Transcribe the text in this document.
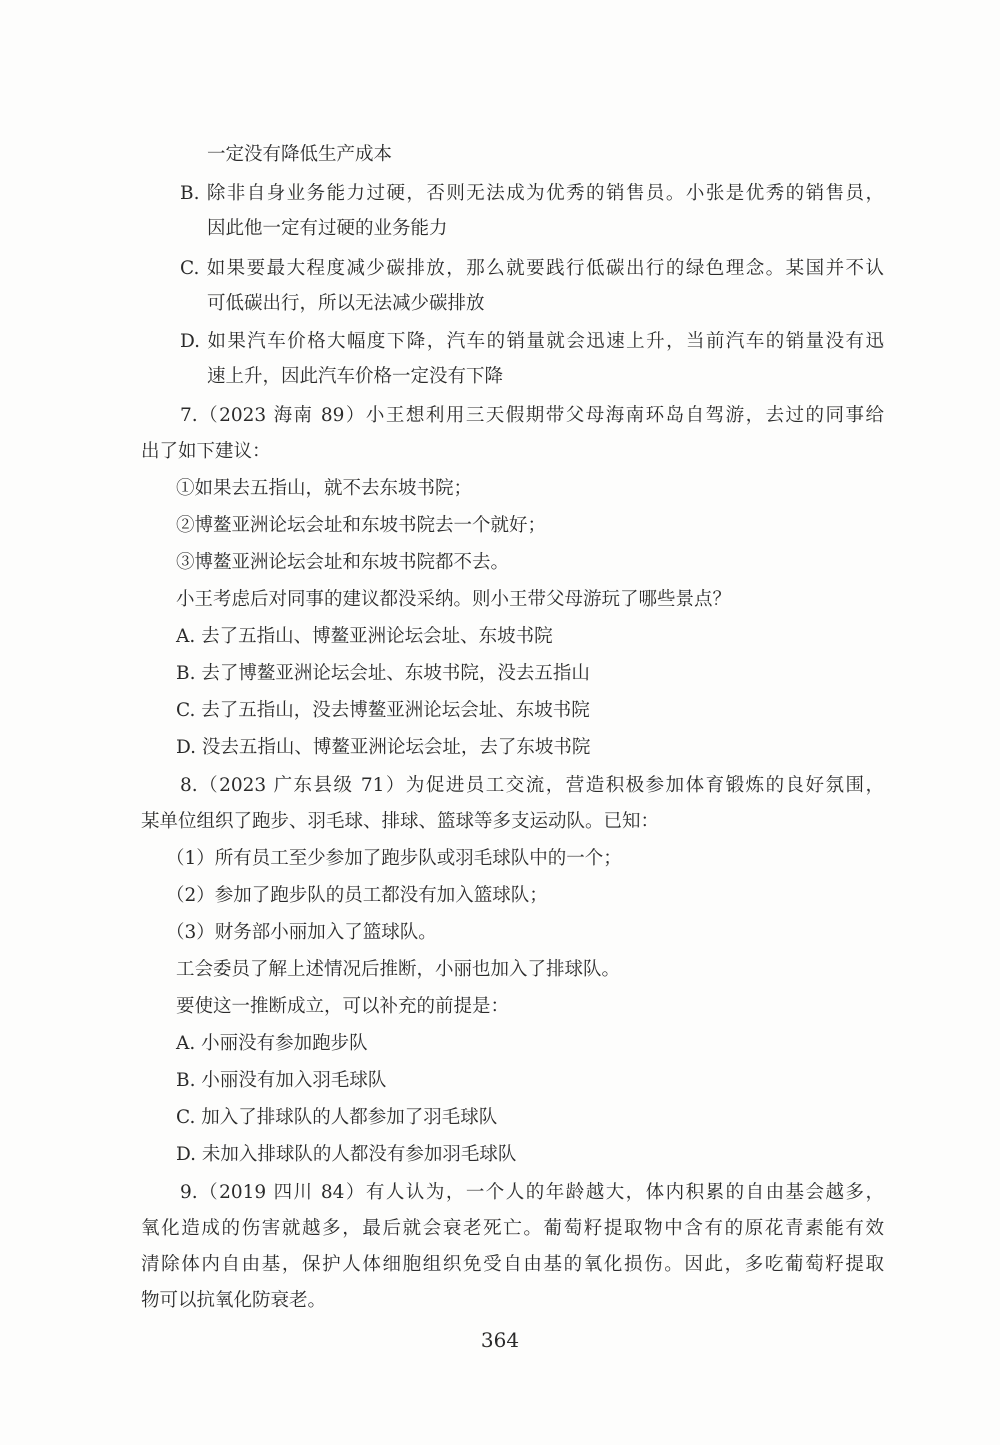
一定没有降低生产成本
B. 除非自身业务能力过硬，否则无法成为优秀的销售员。小张是优秀的销售员，
因此他一定有过硬的业务能力
C. 如果要最大程度减少碳排放，那么就要践行低碳出行的绿色理念。某国并不认
可低碳出行，所以无法减少碳排放
D. 如果汽车价格大幅度下降，汽车的销量就会迅速上升，当前汽车的销量没有迅
速上升，因此汽车价格一定没有下降
7.（2023 海南 89）小王想利用三天假期带父母海南环岛自驾游，去过的同事给
出了如下建议：
①如果去五指山，就不去东坡书院；
②博鳌亚洲论坛会址和东坡书院去一个就好；
③博鳌亚洲论坛会址和东坡书院都不去。
小王考虑后对同事的建议都没采纳。则小王带父母游玩了哪些景点？
A. 去了五指山、博鳌亚洲论坛会址、东坡书院
B. 去了博鳌亚洲论坛会址、东坡书院，没去五指山
C. 去了五指山，没去博鳌亚洲论坛会址、东坡书院
D. 没去五指山、博鳌亚洲论坛会址，去了东坡书院
8.（2023 广东县级 71）为促进员工交流，营造积极参加体育锻炼的良好氛围，
某单位组织了跑步、羽毛球、排球、篮球等多支运动队。已知：
（1）所有员工至少参加了跑步队或羽毛球队中的一个；
（2）参加了跑步队的员工都没有加入篮球队；
（3）财务部小丽加入了篮球队。
工会委员了解上述情况后推断，小丽也加入了排球队。
要使这一推断成立，可以补充的前提是：
A. 小丽没有参加跑步队
B. 小丽没有加入羽毛球队
C. 加入了排球队的人都参加了羽毛球队
D. 未加入排球队的人都没有参加羽毛球队
9.（2019 四川 84）有人认为，一个人的年龄越大，体内积累的自由基会越多，
氧化造成的伤害就越多，最后就会衰老死亡。葡萄籽提取物中含有的原花青素能有效
清除体内自由基，保护人体细胞组织免受自由基的氧化损伤。因此，多吃葡萄籽提取
物可以抗氧化防衰老。
364
